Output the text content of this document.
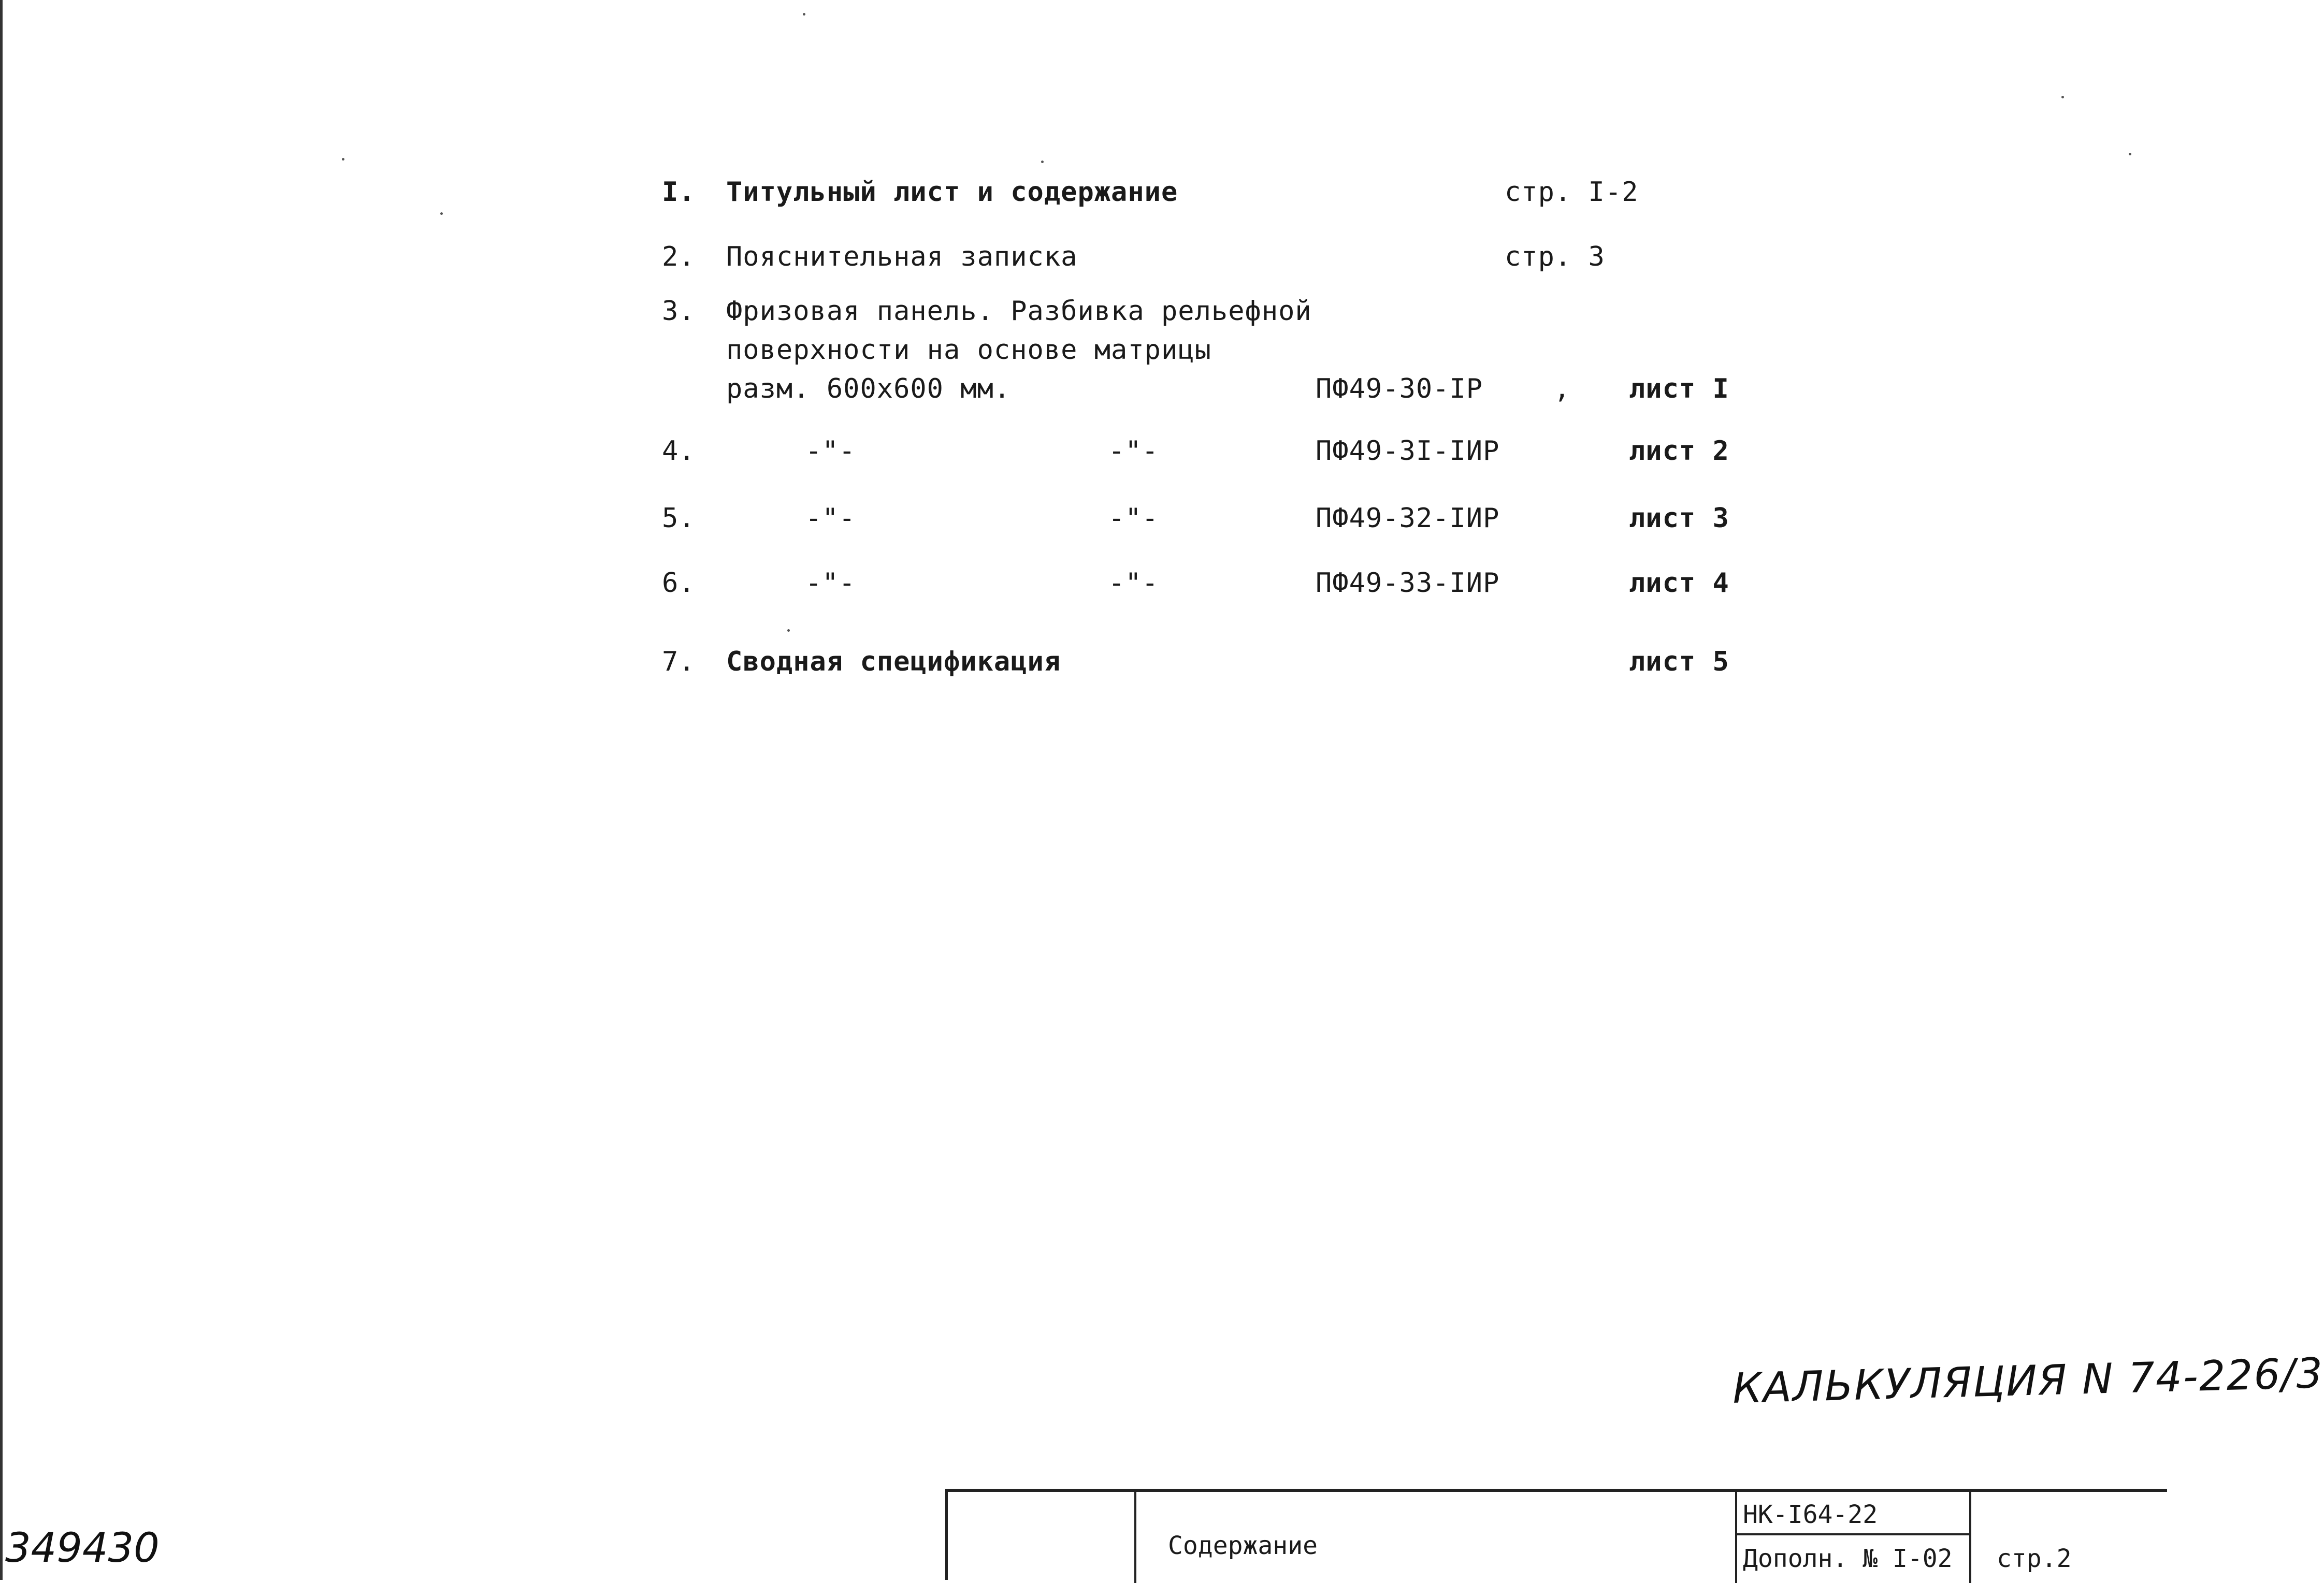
I. Титульный лист и содержание	стр. I-2
2. Пояснительная записка	стр. 3
3. Фризовая панель. Разбивка рельефной
поверхности на основе матрицы
разм. 600х600 мм.	ПФ49-30-IР	, лист I
4.	-"-	-"-	ПФ49-3I-IИР	лист 2
5.	-"-	-"-	ПФ49-32-IИР	лист 3
6.	-"-	-"-	ПФ49-33-IИР	лист 4
7. Сводная спецификация	лист 5
КАЛЬКУЛЯЦИЯ N 74-226/3
349430	Содержание
НК-I64-22
Дополн. № I-02 стр.2
